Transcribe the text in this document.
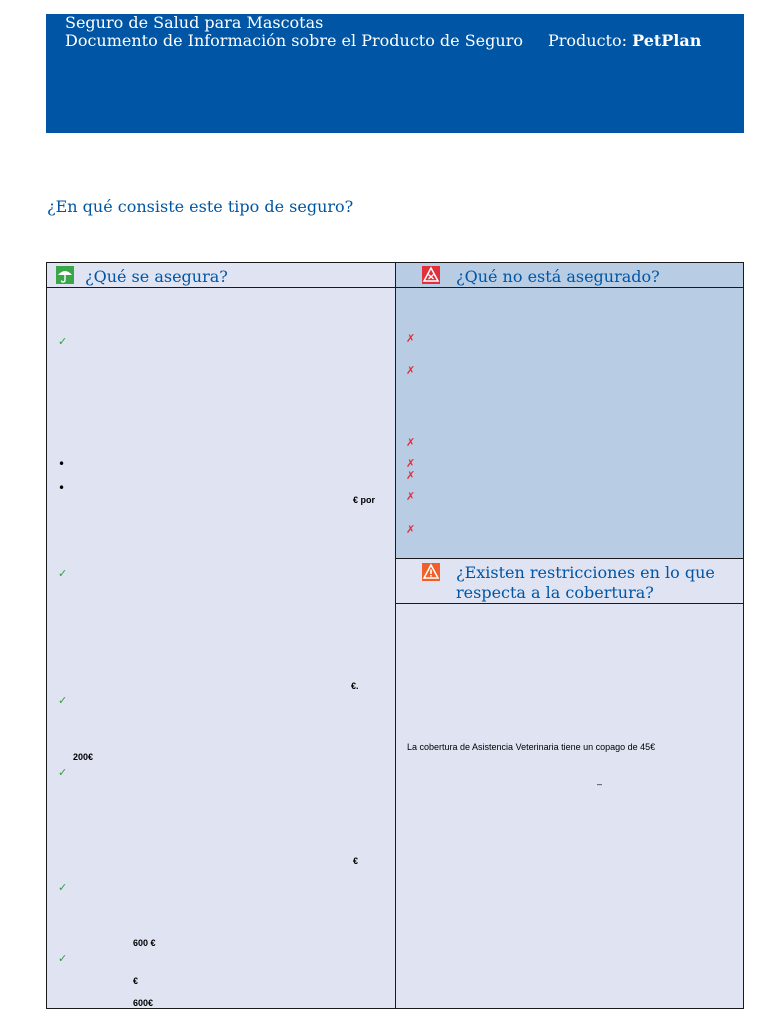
Seguro de Salud para Mascotas
Documento de Información sobre el Producto de Seguro Producto: PetPlan
¿En qué consiste este tipo de seguro?
¿Qué se asegura?
✓
•
•
€ por
✓
€.
✓
200€
✓
€
✓
600 €
✓
€
600€
¿Qué no está asegurado?
✗
✗
✗
✗
✗
✗
✗
¿Existen restricciones en lo que respecta a la cobertura?
La cobertura de Asistencia Veterinaria tiene un copago de 45€
–
